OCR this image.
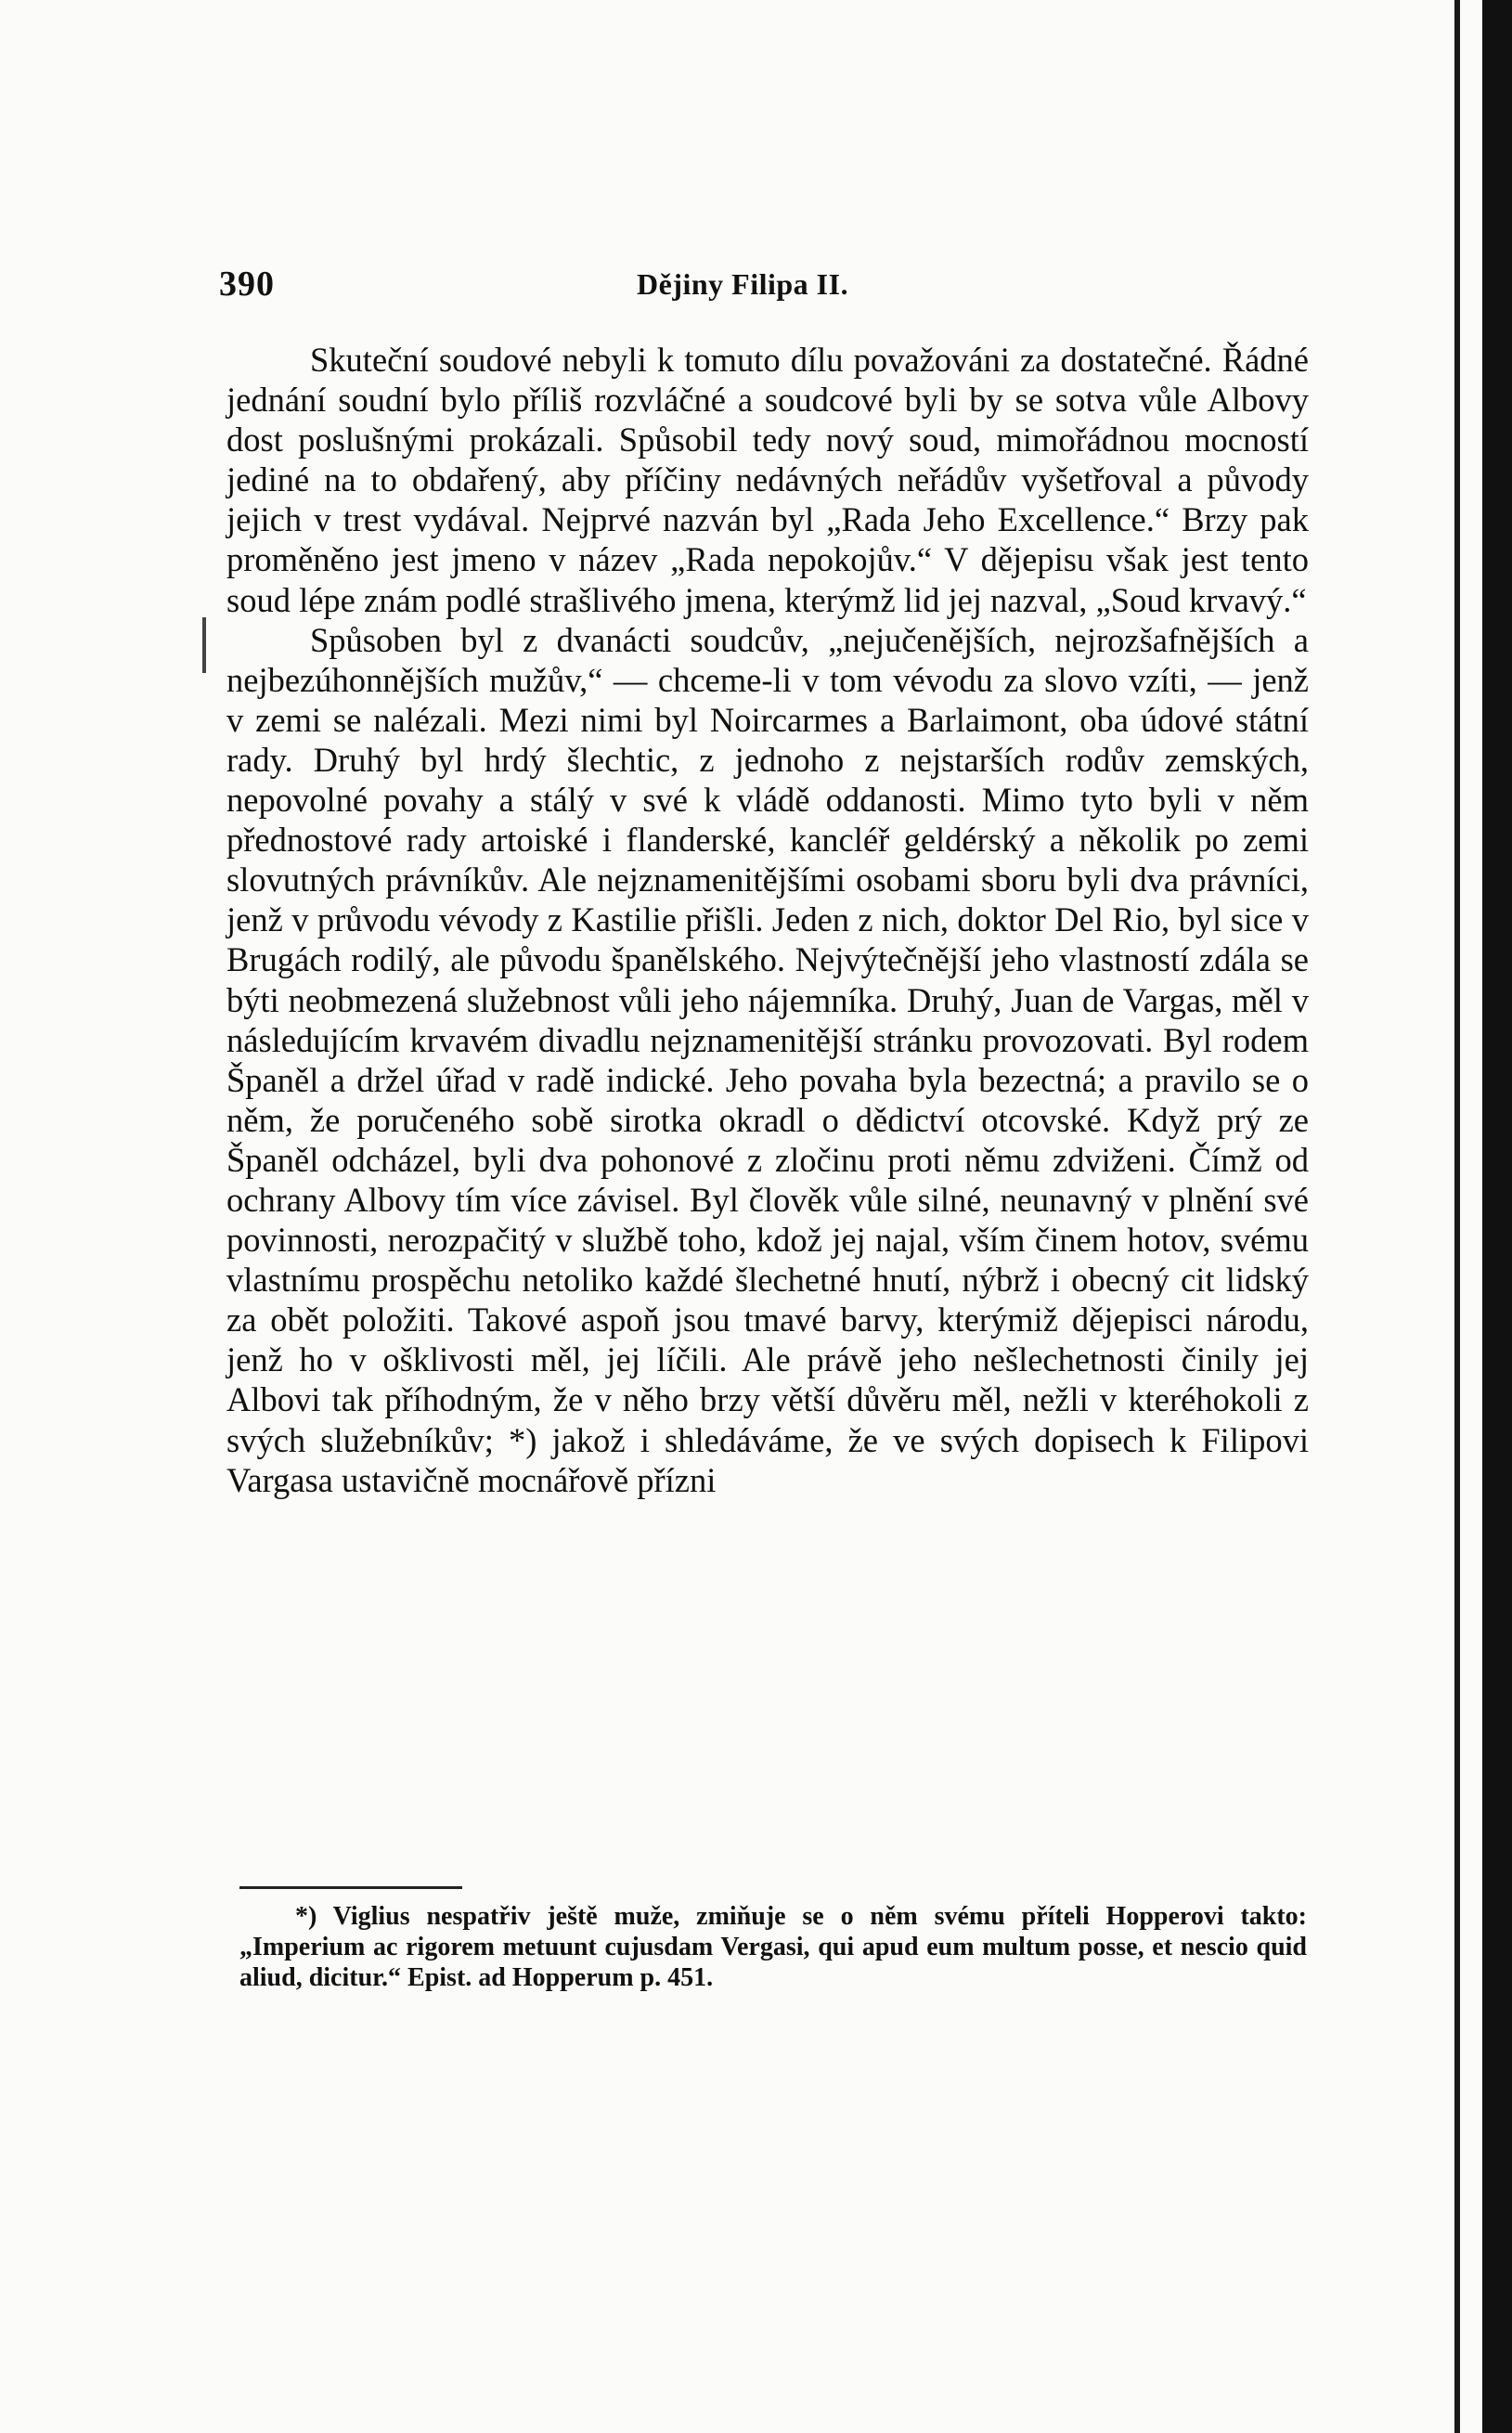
390	Dějiny Filipa II.

Skuteční soudové nebyli k tomuto dílu považováni za dostatečné. Řádné jednání soudní bylo příliš rozvláčné a soudcové byli by se sotva vůle Albovy dost poslušnými prokázali. Spůsobil tedy nový soud, mimořádnou mocností jediné na to obdařený, aby příčiny nedávných neřádův vyšetřoval a původy jejich v trest vydával. Nejprvé nazván byl „Rada Jeho Excellence.“ Brzy pak proměněno jest jmeno v název „Rada nepokojův.“ V dějepisu však jest tento soud lépe znám podlé strašlivého jmena, kterýmž lid jej nazval, „Soud krvavý.“

Spůsoben byl z dvanácti soudcův, „nejučenějších, nejrozšafnějších a nejbezúhonnějších mužův,“ — chceme-li v tom vévodu za slovo vzíti, — jenž v zemi se nalézali. Mezi nimi byl Noircarmes a Barlaimont, oba údové státní rady. Druhý byl hrdý šlechtic, z jednoho z nejstarších rodův zemských, nepovolné povahy a stálý v své k vládě oddanosti. Mimo tyto byli v něm přednostové rady artoiské i flanderské, kancléř geldérský a několik po zemi slovutných právníkův. Ale nejznamenitějšími osobami sboru byli dva právníci, jenž v průvodu vévody z Kastilie přišli. Jeden z nich, doktor Del Rio, byl sice v Brugách rodilý, ale původu španělského. Nejvýtečnější jeho vlastností zdála se býti neobmezená služebnost vůli jeho nájemníka. Druhý, Juan de Vargas, měl v následujícím krvavém divadlu nejznamenitější stránku provozovati. Byl rodem Španěl a držel úřad v radě indické. Jeho povaha byla bezectná; a pravilo se o něm, že poručeného sobě sirotka okradl o dědictví otcovské. Když prý ze Španěl odcházel, byli dva pohonové z zločinu proti němu zdviženi. Čímž od ochrany Albovy tím více závisel. Byl člověk vůle silné, neunavný v plnění své povinnosti, nerozpačitý v službě toho, kdož jej najal, vším činem hotov, svému vlastnímu prospěchu netoliko každé šlechetné hnutí, nýbrž i obecný cit lidský za obět položiti. Takové aspoň jsou tmavé barvy, kterýmiž dějepisci národu, jenž ho v ošklivosti měl, jej líčili. Ale právě jeho nešlechetnosti činily jej Albovi tak příhodným, že v něho brzy větší důvěru měl, nežli v kteréhokoli z svých služebníkův; *) jakož i shledáváme, že ve svých dopisech k Filipovi Vargasa ustavičně mocnářově přízni

*) Viglius nespatřiv ještě muže, zmiňuje se o něm svému příteli Hopperovi takto: „Imperium ac rigorem metuunt cujusdam Vergasi, qui apud eum multum posse, et nescio quid aliud, dicitur.“ Epist. ad Hopperum p. 451.
